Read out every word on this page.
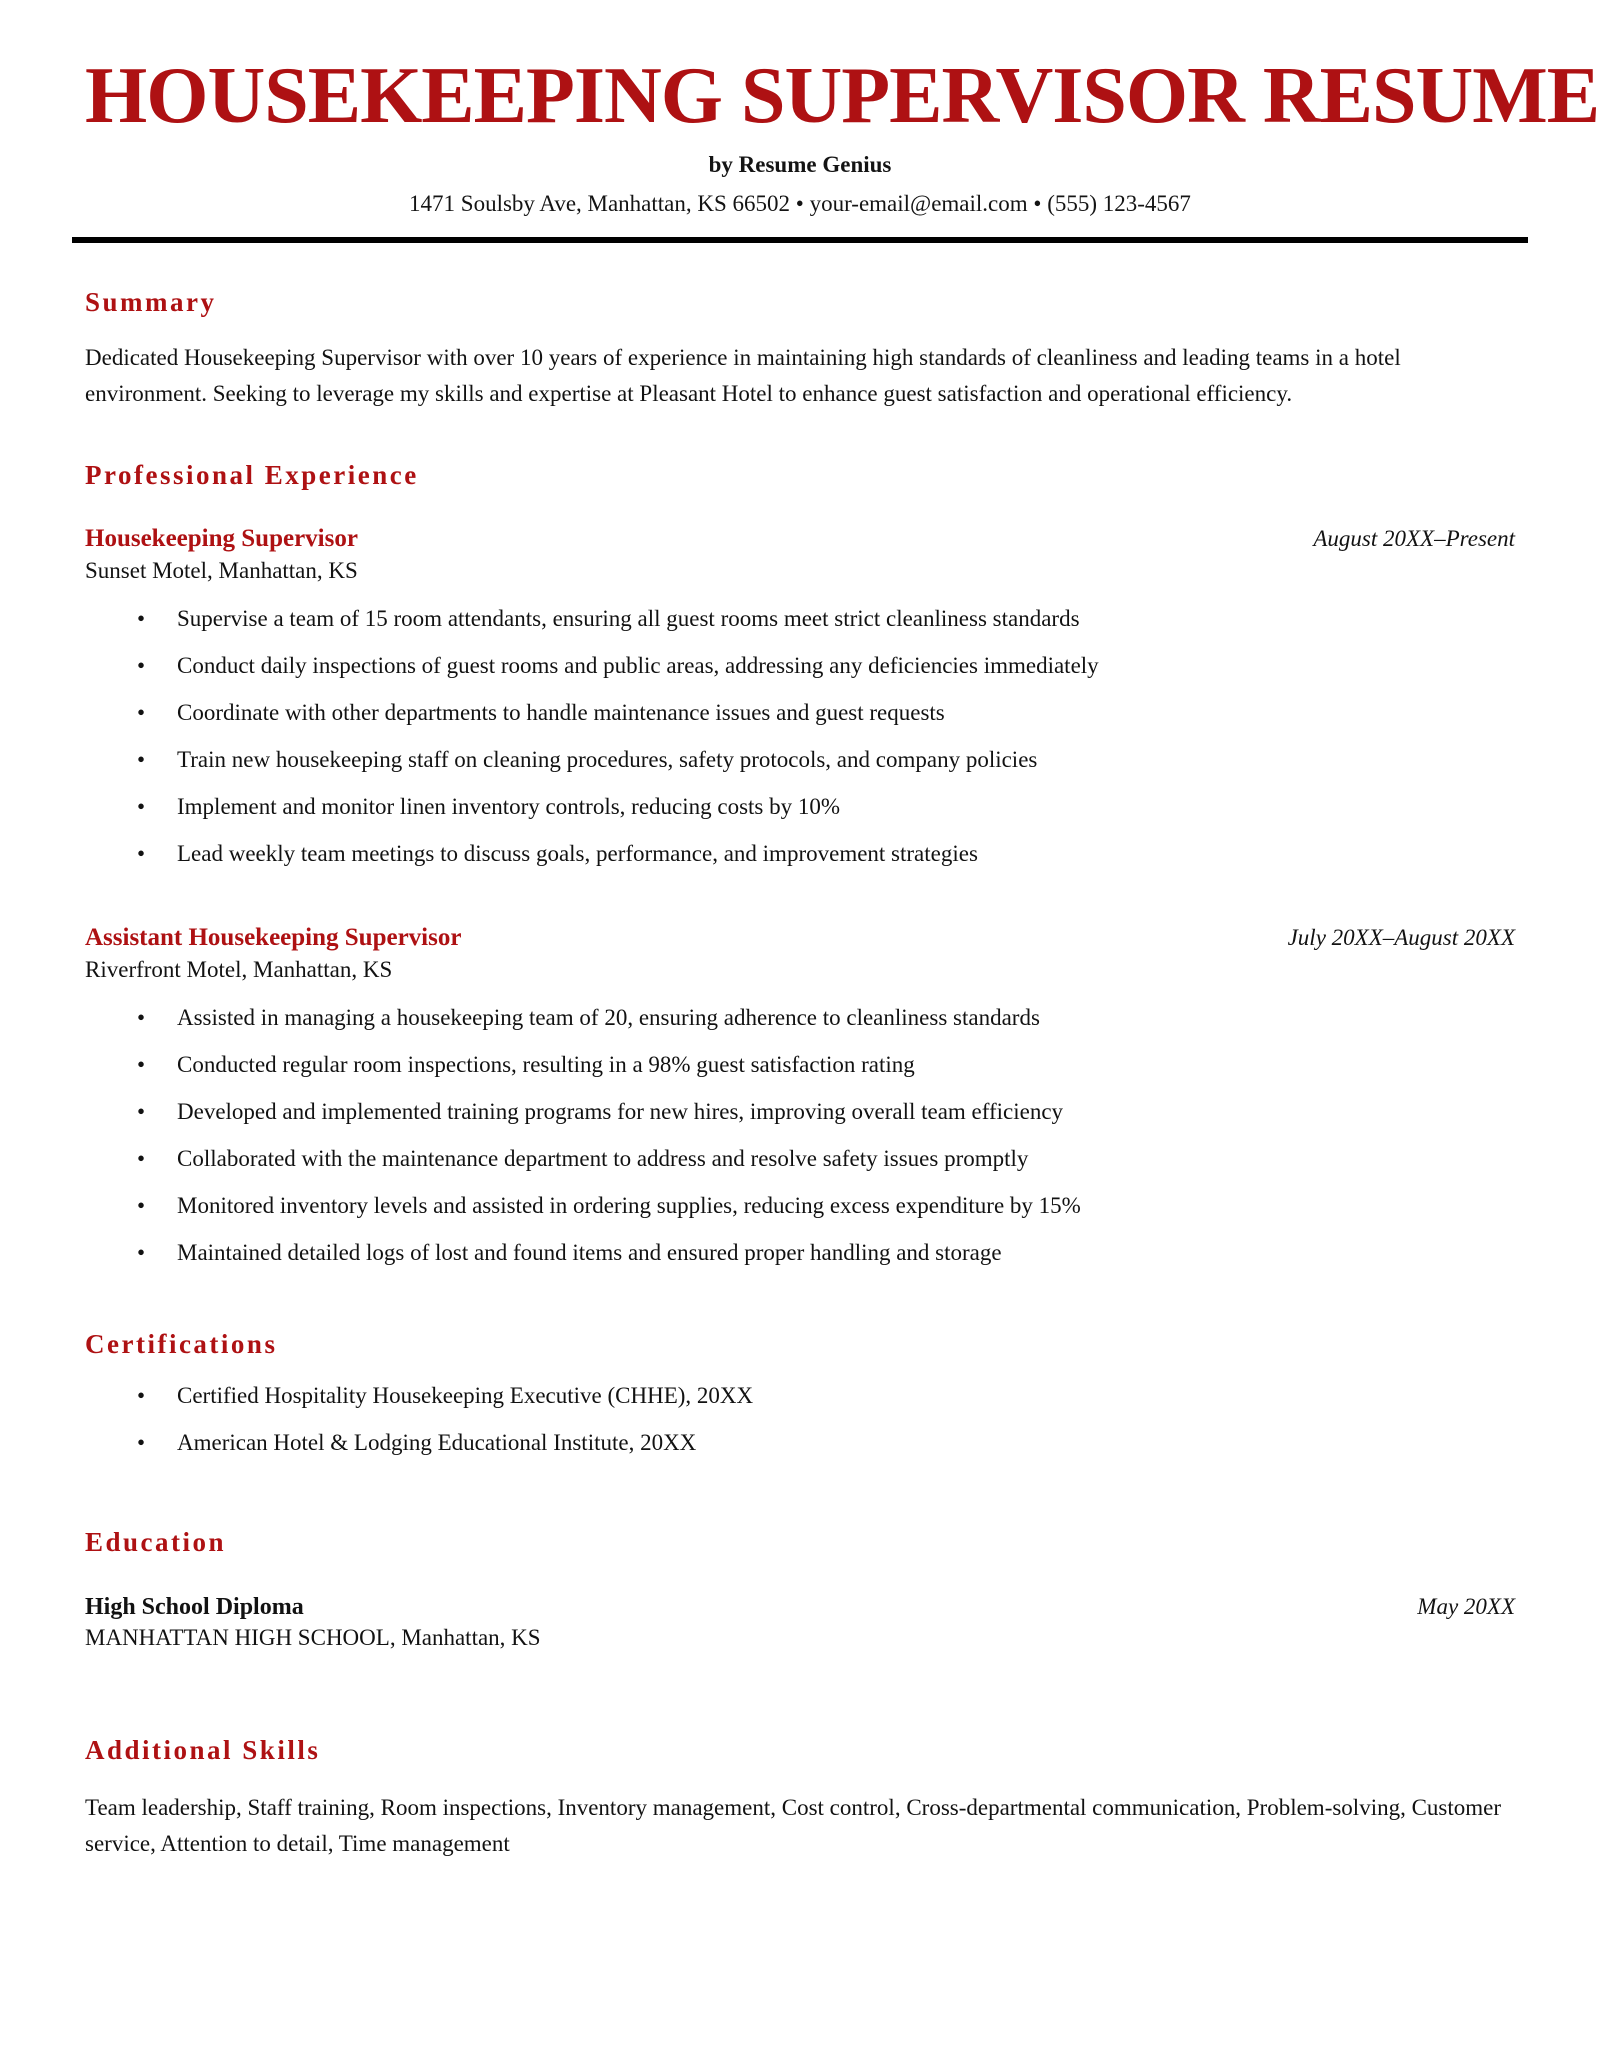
HOUSEKEEPING SUPERVISOR RESUME
by Resume Genius
1471 Soulsby Ave, Manhattan, KS 66502 • your-email@email.com • (555) 123-4567
Summary

Dedicated Housekeeping Supervisor with over 10 years of experience in maintaining high standards of cleanliness and leading teams in a hotel environment. Seeking to leverage my skills and expertise at Pleasant Hotel to enhance guest satisfaction and operational efficiency.

Professional Experience
Housekeeping Supervisor	August 20XX–Present
Sunset Motel, Manhattan, KS
• Supervise a team of 15 room attendants, ensuring all guest rooms meet strict cleanliness standards
• Conduct daily inspections of guest rooms and public areas, addressing any deficiencies immediately
• Coordinate with other departments to handle maintenance issues and guest requests
• Train new housekeeping staff on cleaning procedures, safety protocols, and company policies
• Implement and monitor linen inventory controls, reducing costs by 10%
• Lead weekly team meetings to discuss goals, performance, and improvement strategies
Assistant Housekeeping Supervisor	July 20XX–August 20XX
Riverfront Motel, Manhattan, KS
• Assisted in managing a housekeeping team of 20, ensuring adherence to cleanliness standards
• Conducted regular room inspections, resulting in a 98% guest satisfaction rating
• Developed and implemented training programs for new hires, improving overall team efficiency
• Collaborated with the maintenance department to address and resolve safety issues promptly
• Monitored inventory levels and assisted in ordering supplies, reducing excess expenditure by 15%
• Maintained detailed logs of lost and found items and ensured proper handling and storage
Certifications
• Certified Hospitality Housekeeping Executive (CHHE), 20XX
• American Hotel & Lodging Educational Institute, 20XX
Education
High School Diploma	May 20XX
MANHATTAN HIGH SCHOOL, Manhattan, KS
Additional Skills

Team leadership, Staff training, Room inspections, Inventory management, Cost control, Cross-departmental communication, Problem-solving, Customer service, Attention to detail, Time management
